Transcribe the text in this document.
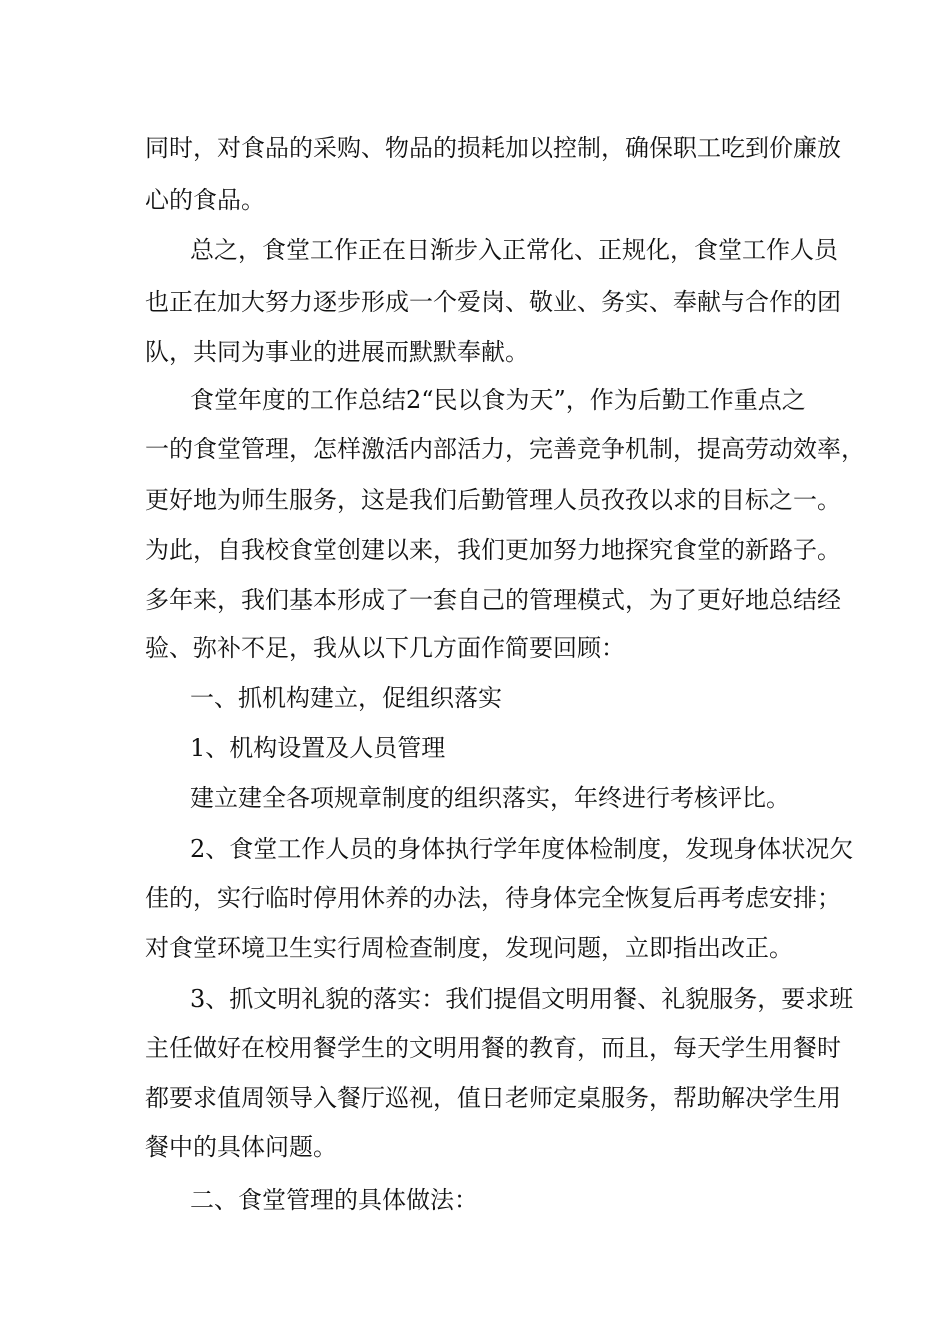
同时，对食品的采购、物品的损耗加以控制，确保职工吃到价廉放
心的食品。
总之，食堂工作正在日渐步入正常化、正规化，食堂工作人员
也正在加大努力逐步形成一个爱岗、敬业、务实、奉献与合作的团
队，共同为事业的进展而默默奉献。
食堂年度的工作总结2“民以食为天”，作为后勤工作重点之
一的食堂管理，怎样激活内部活力，完善竞争机制，提高劳动效率，
更好地为师生服务，这是我们后勤管理人员孜孜以求的目标之一。
为此，自我校食堂创建以来，我们更加努力地探究食堂的新路子。
多年来，我们基本形成了一套自己的管理模式，为了更好地总结经
验、弥补不足，我从以下几方面作简要回顾：
一、抓机构建立，促组织落实
1、机构设置及人员管理
建立建全各项规章制度的组织落实，年终进行考核评比。
2、食堂工作人员的身体执行学年度体检制度，发现身体状况欠
佳的，实行临时停用休养的办法，待身体完全恢复后再考虑安排；
对食堂环境卫生实行周检查制度，发现问题，立即指出改正。
3、抓文明礼貌的落实：我们提倡文明用餐、礼貌服务，要求班
主任做好在校用餐学生的文明用餐的教育，而且，每天学生用餐时
都要求值周领导入餐厅巡视，值日老师定桌服务，帮助解决学生用
餐中的具体问题。
二、食堂管理的具体做法：
